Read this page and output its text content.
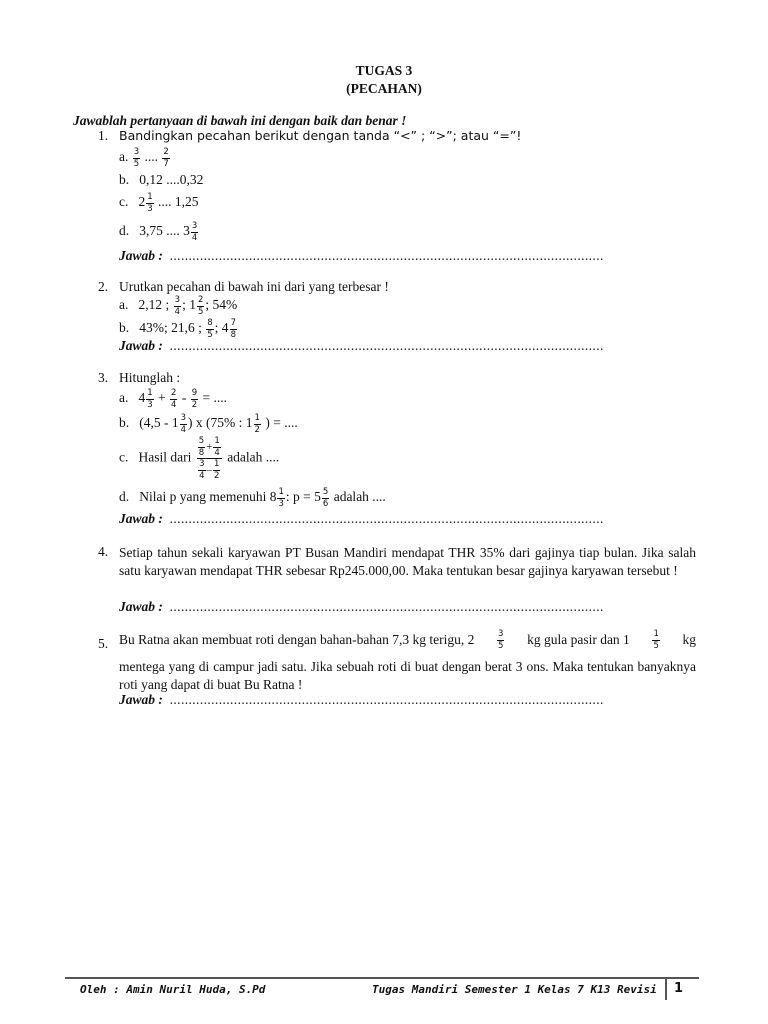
TUGAS 3
(PECAHAN)
Jawablah pertanyaan di bawah ini dengan baik dan benar !
1. Bandingkan pecahan berikut dengan tanda “<” ; “>”; atau “=”!
a. $\frac{3}{5}$ .... $\frac{2}{7}$
b. 0,12 ....0,32
c. $2 \frac{1}{3}$ .... 1,25
d. 3,75 .... $3 \frac{3}{4}$
Jawab : ...................................................................................................................
2. Urutkan pecahan di bawah ini dari yang terbesar !
a. 2,12 ; $\frac{3}{4}$ ; $1 \frac{2}{5}$ ; 54%
b. 43%; 21,6 ; $\frac{8}{5}$ ; $4 \frac{7}{8}$
Jawab : ...................................................................................................................
3. Hitunglah :
a. $4 \frac{1}{3} + \frac{2}{4} - \frac{9}{2}$ = ....
b. ($4,5 - 1 \frac{3}{4}$ ) x (75% : $1 \frac{1}{2}$ ) = ....
c. Hasil dari $\frac{\frac{5}{8} + \frac{1}{4}}{\frac{3}{4} - \frac{1}{2}}$ adalah ....
d. Nilai p yang memenuhi $8 \frac{1}{3}$ : $p = 5 \frac{5}{6}$ adalah ....
Jawab : ...................................................................................................................
4. Setiap tahun sekali karyawan PT Busan Mandiri mendapat THR 35% dari gajinya tiap bulan. Jika salah satu karyawan mendapat THR sebesar Rp245.000,00. Maka tentukan besar gajinya karyawan tersebut !
Jawab : ...................................................................................................................
5. Bu Ratna akan membuat roti dengan bahan-bahan 7,3 kg terigu, 2	3
5 kg gula pasir dan 1	1
5 kg
mentega yang di campur jadi satu. Jika sebuah roti di buat dengan berat 3 ons. Maka tentukan banyaknya roti yang dapat di buat Bu Ratna !
Jawab : ...................................................................................................................
Oleh : Amin Nuril Huda, S.Pd	Tugas Mandiri Semester 1 Kelas 7 K13 Revisi 1
